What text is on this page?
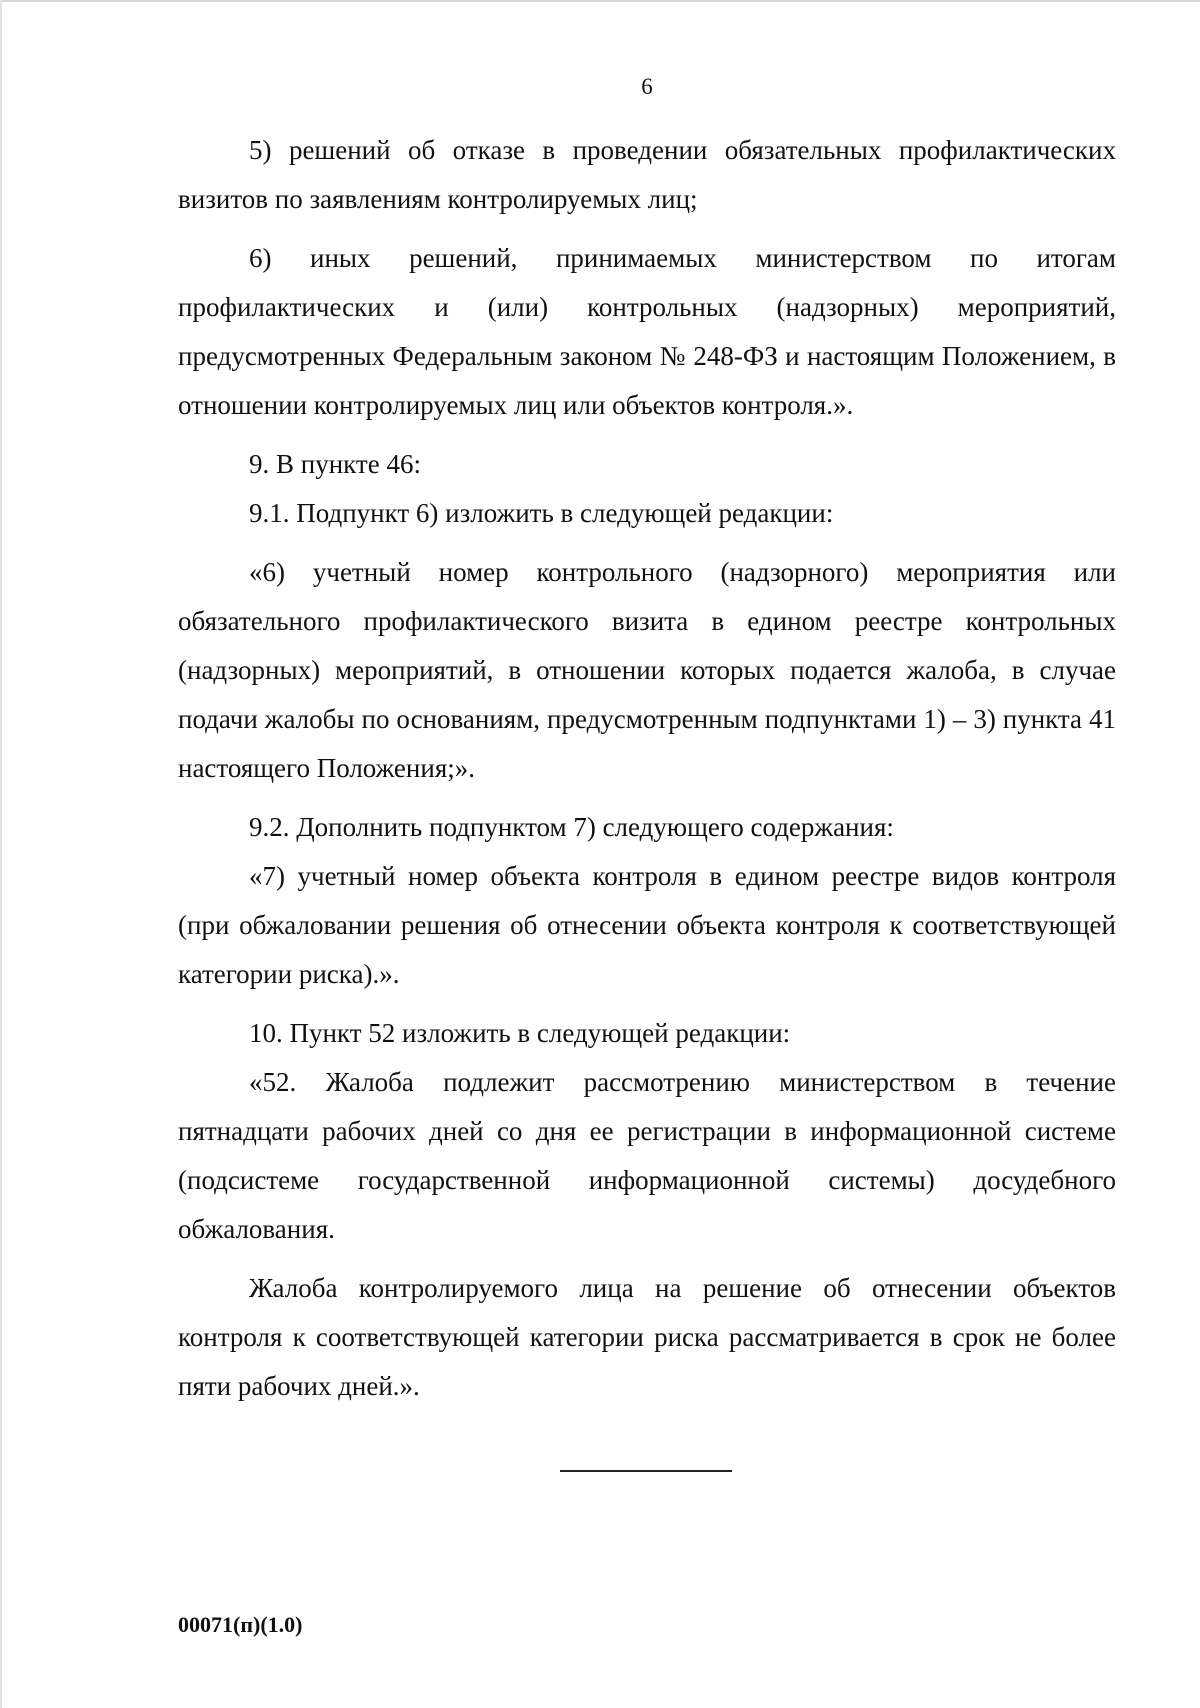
6

5) решений об отказе в проведении обязательных профилактических визитов по заявлениям контролируемых лиц;

6) иных решений, принимаемых министерством по итогам профилактических и (или) контрольных (надзорных) мероприятий, предусмотренных Федеральным законом № 248-ФЗ и настоящим Положением, в отношении контролируемых лиц или объектов контроля.».

9. В пункте 46:

9.1. Подпункт 6) изложить в следующей редакции:

«6) учетный номер контрольного (надзорного) мероприятия или обязательного профилактического визита в едином реестре контрольных (надзорных) мероприятий, в отношении которых подается жалоба, в случае подачи жалобы по основаниям, предусмотренным подпунктами 1) – 3) пункта 41 настоящего Положения;».

9.2. Дополнить подпунктом 7) следующего содержания:

«7) учетный номер объекта контроля в едином реестре видов контроля (при обжаловании решения об отнесении объекта контроля к соответствующей категории риска).».

10. Пункт 52 изложить в следующей редакции:

«52. Жалоба подлежит рассмотрению министерством в течение пятнадцати рабочих дней со дня ее регистрации в информационной системе (подсистеме государственной информационной системы) досудебного обжалования.

Жалоба контролируемого лица на решение об отнесении объектов контроля к соответствующей категории риска рассматривается в срок не более пяти рабочих дней.».

00071(п)(1.0)
